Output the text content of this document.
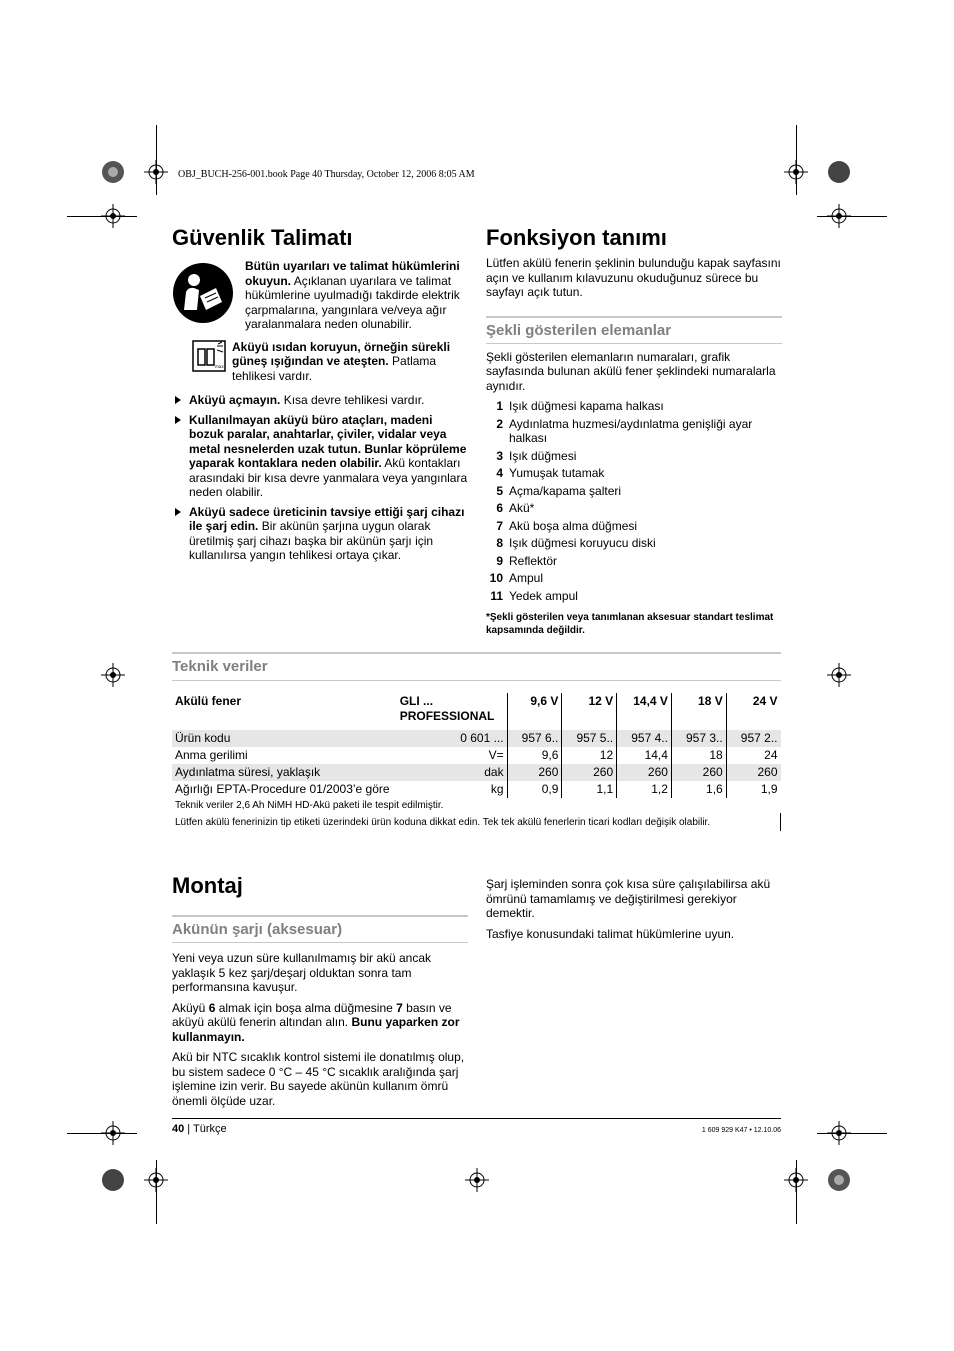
OBJ_BUCH-256-001.book Page 40 Thursday, October 12, 2006 8:05 AM
Güvenlik Talimatı

Bütün uyarıları ve talimat hükümlerini okuyun. Açıklanan uyarılara ve talimat hükümlerine uyulmadığı takdirde elektrik çarpmalarına, yangınlara ve/veya ağır yaralanmalara neden olunabilir.

max

Aküyü ısıdan koruyun, örneğin sürekli güneş ışığından ve ateşten. Patlama tehlikesi vardır.

Aküyü açmayın. Kısa devre tehlikesi vardır.
Kullanılmayan aküyü büro ataçları, madeni bozuk paralar, anahtarlar, çiviler, vidalar veya metal nesnelerden uzak tutun. Bunlar köprüleme yaparak kontaklara neden olabilir. Akü kontakları arasındaki bir kısa devre yanmalara veya yangınlara neden olabilir.
Aküyü sadece üreticinin tavsiye ettiği şarj cihazı ile şarj edin. Bir akünün şarjına uygun olarak üretilmiş şarj cihazı başka bir akünün şarjı için kullanılırsa yangın tehlikesi ortaya çıkar.
Fonksiyon tanımı

Lütfen akülü fenerin şeklinin bulunduğu kapak sayfasını açın ve kullanım kılavuzunu okuduğunuz sürece bu sayfayı açık tutun.

Şekli gösterilen elemanlar

Şekli gösterilen elemanların numaraları, grafik sayfasında bulunan akülü fener şeklindeki numaralarla aynıdır.

1 Işık düğmesi kapama halkası
2 Aydınlatma huzmesi/aydınlatma genişliği ayar halkası
3 Işık düğmesi
4 Yumuşak tutamak
5 Açma/kapama şalteri
6 Akü*
7 Akü boşa alma düğmesi
8 Işık düğmesi koruyucu diski
9 Reflektör
10 Ampul
11 Yedek ampul

*Şekli gösterilen veya tanımlanan aksesuar standart teslimat kapsamında değildir.

Teknik veriler
Akülü fener	GLI ... PROFESSIONAL	9,6 V	12 V	14,4 V	18 V	24 V
Ürün kodu	0 601 ...	957 6..	957 5..	957 4..	957 3..	957 2..
Anma gerilimi	V=	9,6	12	14,4	18	24
Aydınlatma süresi, yaklaşık	dak	260	260	260	260	260
Ağırlığı EPTA-Procedure 01/2003’e göre	kg	0,9	1,1	1,2	1,6	1,9
Teknik veriler 2,6 Ah NiMH HD-Akü paketi ile tespit edilmiştir.						
Lütfen akülü fenerinizin tip etiketi üzerindeki ürün koduna dikkat edin. Tek tek akülü fenerlerin ticari kodları değişik olabilir.						
Montaj
Akünün şarjı (aksesuar)

Yeni veya uzun süre kullanılmamış bir akü ancak yaklaşık 5 kez şarj/deşarj olduktan sonra tam performansına kavuşur.

Aküyü 6 almak için boşa alma düğmesine 7 basın ve aküyü akülü fenerin altından alın. Bunu yaparken zor kullanmayın.

Akü bir NTC sıcaklık kontrol sistemi ile donatılmış olup, bu sistem sadece 0 °C – 45 °C sıcaklık aralığında şarj işlemine izin verir. Bu sayede akünün kullanım ömrü önemli ölçüde uzar.

Şarj işleminden sonra çok kısa süre çalışılabilirsa akü ömrünü tamamlamış ve değiştirilmesi gerekiyor demektir.

Tasfiye konusundaki talimat hükümlerine uyun.

40 | Türkçe	1 609 929 K47 • 12.10.06
